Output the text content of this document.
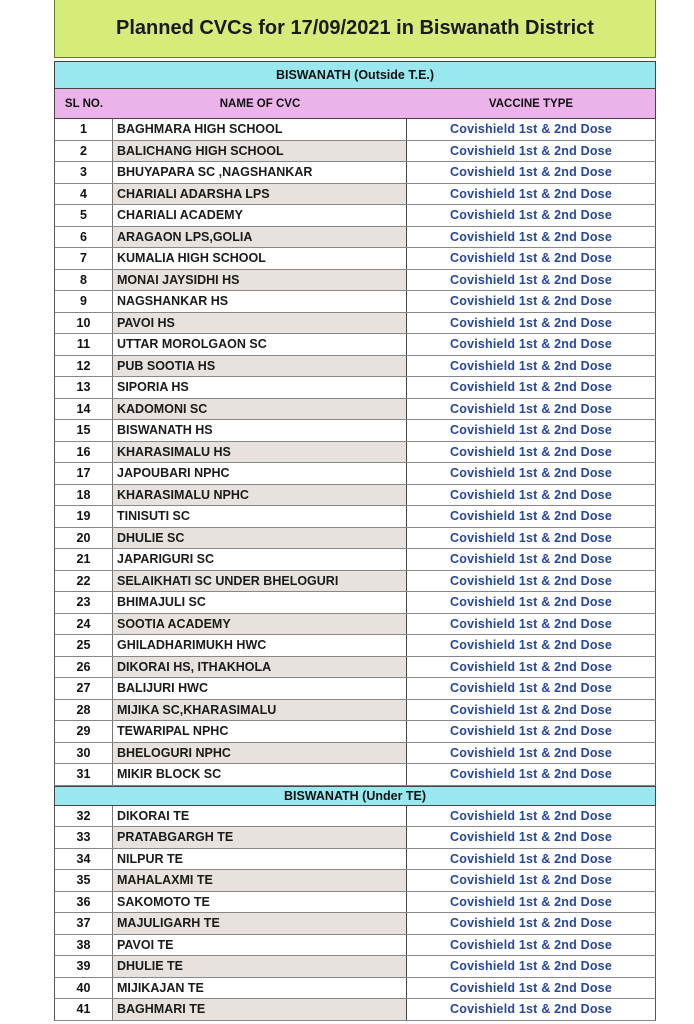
Planned CVCs for 17/09/2021 in Biswanath District
BISWANATH (Outside T.E.)
SL NO.	NAME OF CVC	VACCINE TYPE
1	BAGHMARA HIGH SCHOOL	Covishield 1st & 2nd Dose
2	BALICHANG HIGH SCHOOL	Covishield 1st & 2nd Dose
3	BHUYAPARA SC ,NAGSHANKAR	Covishield 1st & 2nd Dose
4	CHARIALI ADARSHA LPS	Covishield 1st & 2nd Dose
5	CHARIALI ACADEMY	Covishield 1st & 2nd Dose
6	ARAGAON LPS,GOLIA	Covishield 1st & 2nd Dose
7	KUMALIA HIGH SCHOOL	Covishield 1st & 2nd Dose
8	MONAI JAYSIDHI HS	Covishield 1st & 2nd Dose
9	NAGSHANKAR HS	Covishield 1st & 2nd Dose
10	PAVOI HS	Covishield 1st & 2nd Dose
11	UTTAR MOROLGAON SC	Covishield 1st & 2nd Dose
12	PUB SOOTIA HS	Covishield 1st & 2nd Dose
13	SIPORIA HS	Covishield 1st & 2nd Dose
14	KADOMONI SC	Covishield 1st & 2nd Dose
15	BISWANATH HS	Covishield 1st & 2nd Dose
16	KHARASIMALU HS	Covishield 1st & 2nd Dose
17	JAPOUBARI NPHC	Covishield 1st & 2nd Dose
18	KHARASIMALU NPHC	Covishield 1st & 2nd Dose
19	TINISUTI SC	Covishield 1st & 2nd Dose
20	DHULIE SC	Covishield 1st & 2nd Dose
21	JAPARIGURI SC	Covishield 1st & 2nd Dose
22	SELAIKHATI SC UNDER BHELOGURI	Covishield 1st & 2nd Dose
23	BHIMAJULI SC	Covishield 1st & 2nd Dose
24	SOOTIA ACADEMY	Covishield 1st & 2nd Dose
25	GHILADHARIMUKH HWC	Covishield 1st & 2nd Dose
26	DIKORAI HS, ITHAKHOLA	Covishield 1st & 2nd Dose
27	BALIJURI HWC	Covishield 1st & 2nd Dose
28	MIJIKA SC,KHARASIMALU	Covishield 1st & 2nd Dose
29	TEWARIPAL NPHC	Covishield 1st & 2nd Dose
30	BHELOGURI NPHC	Covishield 1st & 2nd Dose
31	MIKIR BLOCK SC	Covishield 1st & 2nd Dose
BISWANATH (Under TE)
32	DIKORAI TE	Covishield 1st & 2nd Dose
33	PRATABGARGH TE	Covishield 1st & 2nd Dose
34	NILPUR TE	Covishield 1st & 2nd Dose
35	MAHALAXMI TE	Covishield 1st & 2nd Dose
36	SAKOMOTO TE	Covishield 1st & 2nd Dose
37	MAJULIGARH TE	Covishield 1st & 2nd Dose
38	PAVOI TE	Covishield 1st & 2nd Dose
39	DHULIE TE	Covishield 1st & 2nd Dose
40	MIJIKAJAN TE	Covishield 1st & 2nd Dose
41	BAGHMARI TE	Covishield 1st & 2nd Dose
